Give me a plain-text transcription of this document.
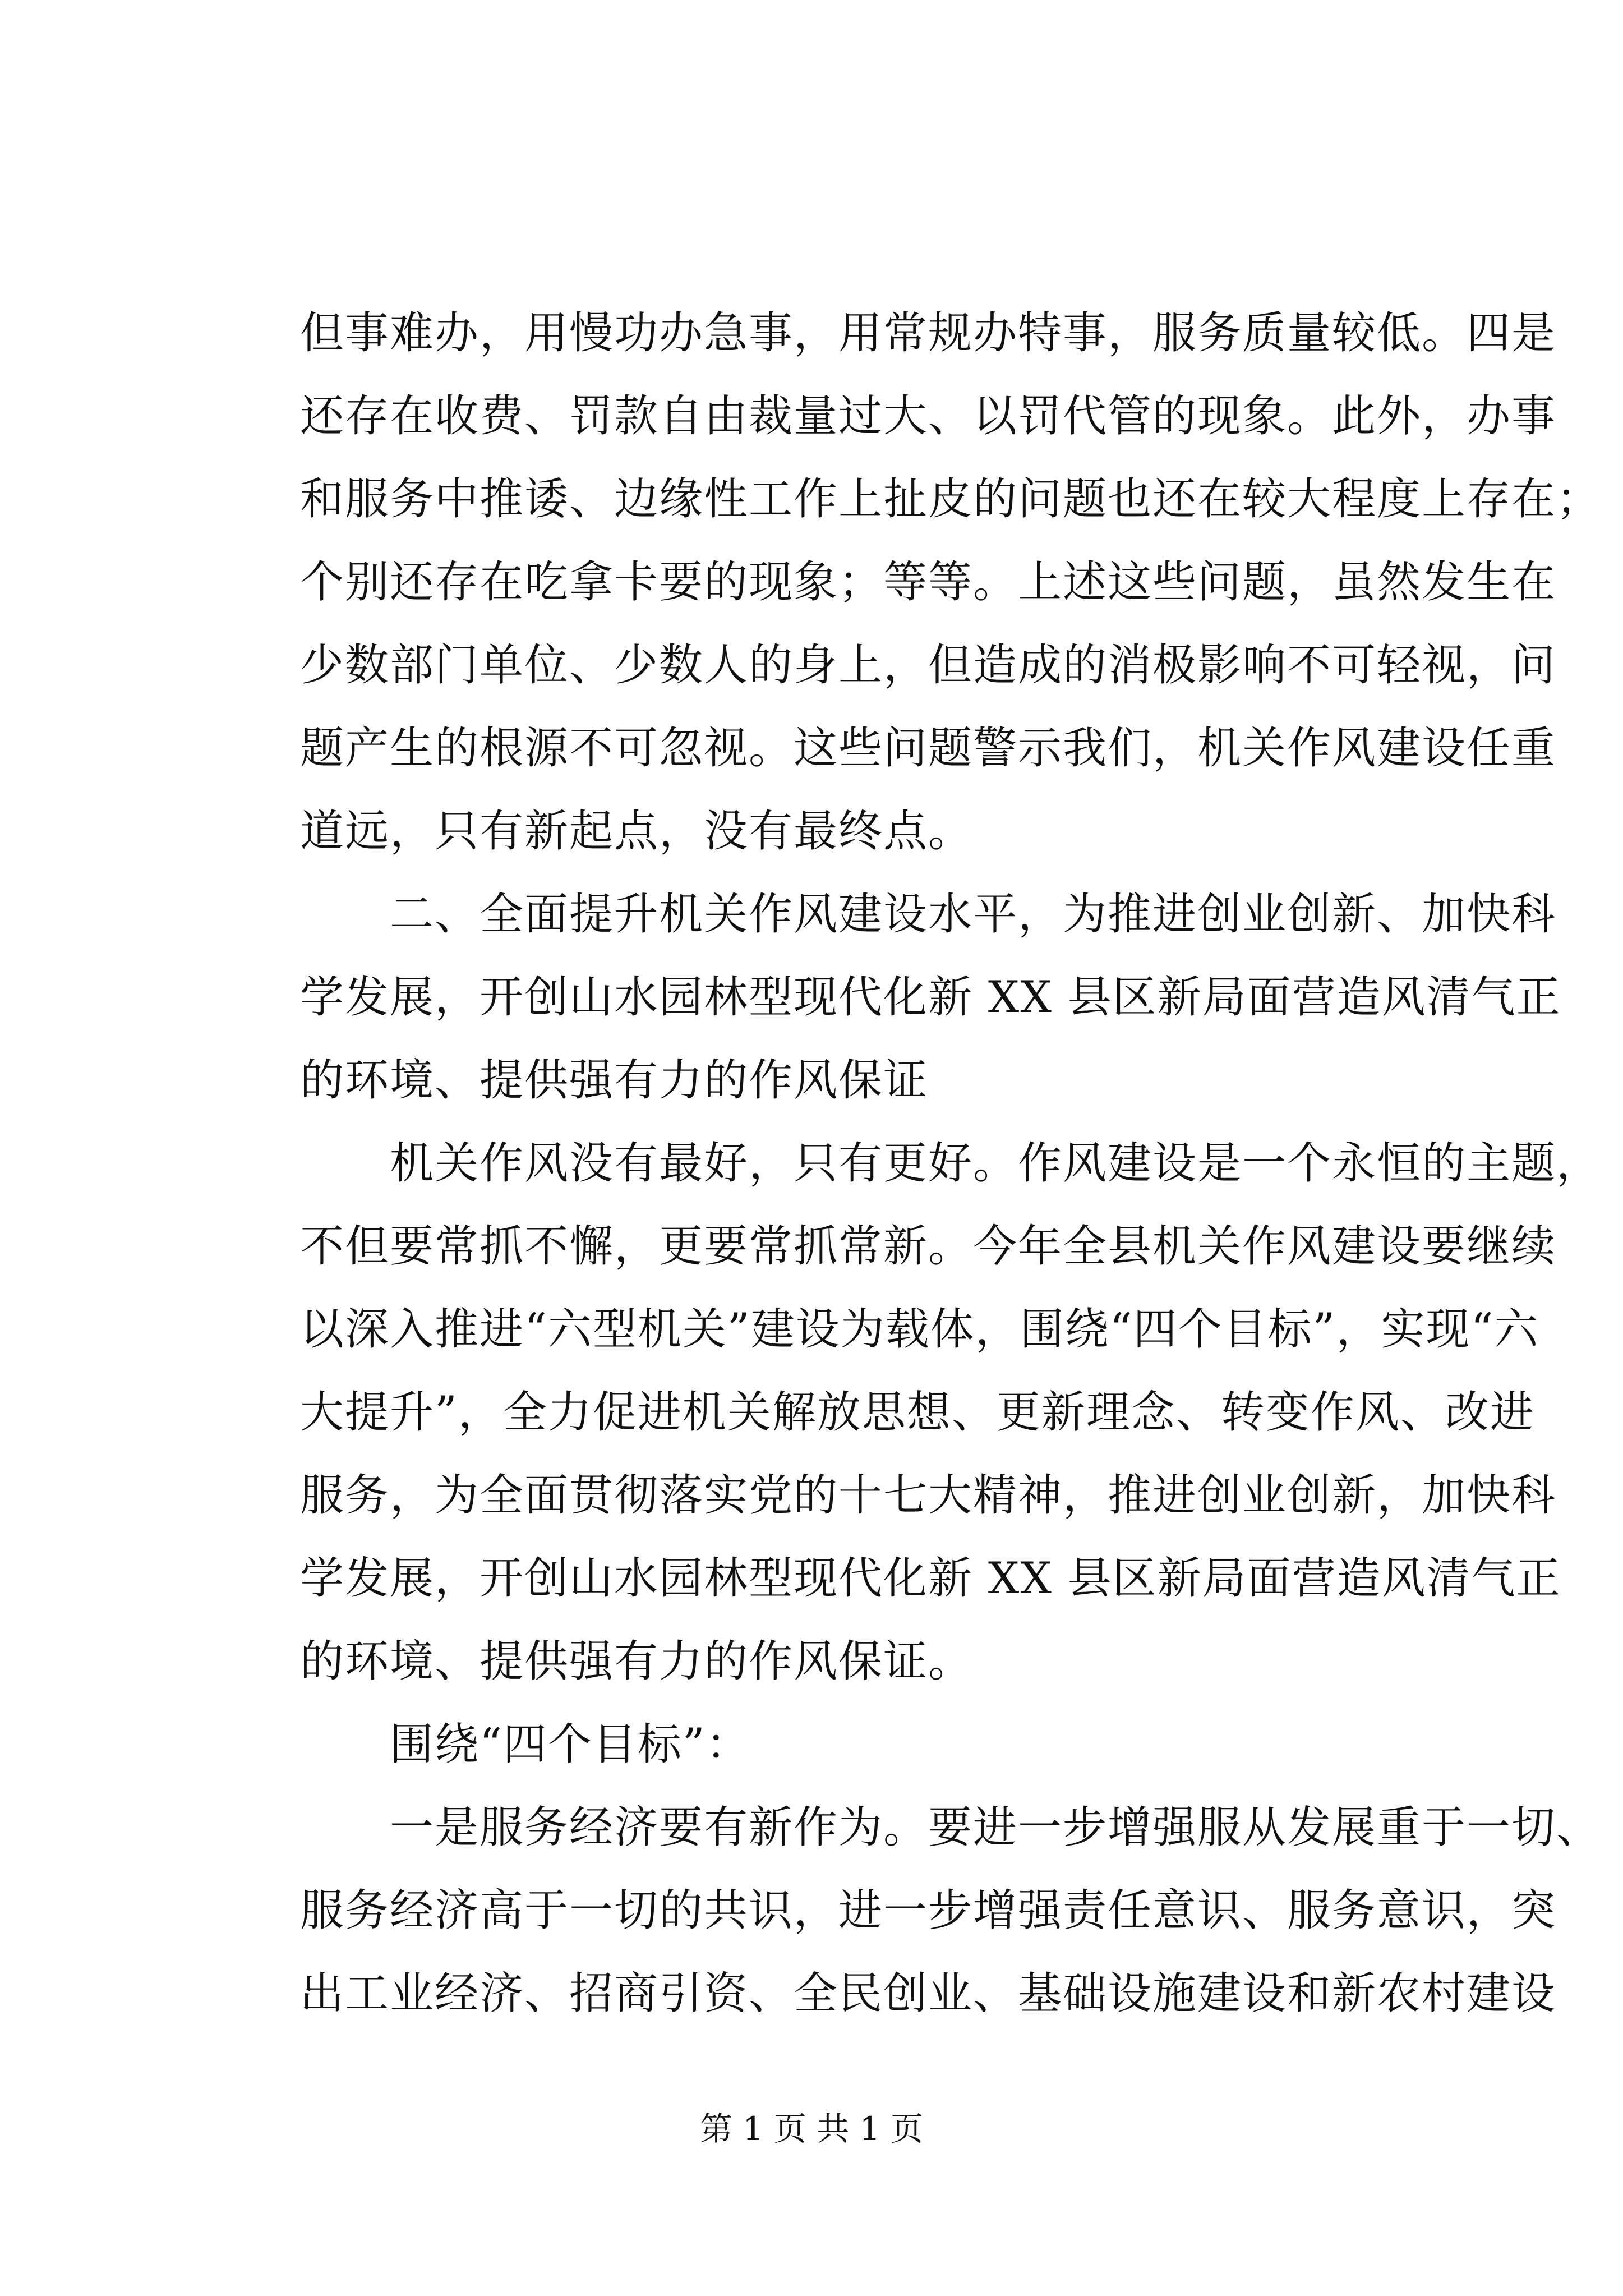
但事难办，用慢功办急事，用常规办特事，服务质量较低。四是
还存在收费、罚款自由裁量过大、以罚代管的现象。此外，办事
和服务中推诿、边缘性工作上扯皮的问题也还在较大程度上存在；
个别还存在吃拿卡要的现象；等等。上述这些问题，虽然发生在
少数部门单位、少数人的身上，但造成的消极影响不可轻视，问
题产生的根源不可忽视。这些问题警示我们，机关作风建设任重
道远，只有新起点，没有最终点。
二、全面提升机关作风建设水平，为推进创业创新、加快科
学发展，开创山水园林型现代化新 XX 县区新局面营造风清气正
的环境、提供强有力的作风保证
机关作风没有最好，只有更好。作风建设是一个永恒的主题，
不但要常抓不懈，更要常抓常新。今年全县机关作风建设要继续
以深入推进“六型机关”建设为载体，围绕“四个目标”，实现“六
大提升”，全力促进机关解放思想、更新理念、转变作风、改进
服务，为全面贯彻落实党的十七大精神，推进创业创新，加快科
学发展，开创山水园林型现代化新 XX 县区新局面营造风清气正
的环境、提供强有力的作风保证。
围绕“四个目标”：
一是服务经济要有新作为。要进一步增强服从发展重于一切、
服务经济高于一切的共识，进一步增强责任意识、服务意识，突
出工业经济、招商引资、全民创业、基础设施建设和新农村建设
第 1 页 共 1 页
